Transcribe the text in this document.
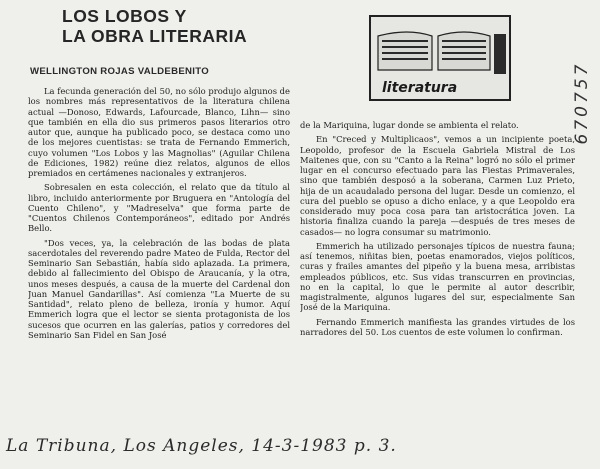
LOS LOBOS Y
LA OBRA LITERARIA
WELLINGTON ROJAS VALDEBENITO
literatura	670757

La fecunda generación del 50, no sólo produjo algunos de los nombres más representativos de la literatura chilena actual —Donoso, Edwards, Lafourcade, Blanco, Lihn— sino que también en ella dio sus primeros pasos literarios otro autor que, aunque ha publicado poco, se destaca como uno de los mejores cuentistas: se trata de Fernando Emmerich, cuyo volumen "Los Lobos y las Magnolias" (Aguilar Chilena de Ediciones, 1982) reúne diez relatos, algunos de ellos premiados en certámenes nacionales y extranjeros.

Sobresalen en esta colección, el relato que da título al libro, incluido anteriormente por Bruguera en "Antología del Cuento Chileno", y "Madreselva" que forma parte de "Cuentos Chilenos Contemporáneos", editado por Andrés Bello.

"Dos veces, ya, la celebración de las bodas de plata sacerdotales del reverendo padre Mateo de Fulda, Rector del Seminario San Sebastián, había sido aplazada. La primera, debido al fallecimiento del Obispo de Araucanía, y la otra, unos meses después, a causa de la muerte del Cardenal don Juan Manuel Gandarillas". Así comienza "La Muerte de su Santidad", relato pleno de belleza, ironía y humor. Aquí Emmerich logra que el lector se sienta protagonista de los sucesos que ocurren en las galerías, patios y corredores del Seminario San Fidel en San José

de la Mariquina, lugar donde se ambienta el relato.

En "Creced y Multiplicaos", vemos a un incipiente poeta, Leopoldo, profesor de la Escuela Gabriela Mistral de Los Maitenes que, con su "Canto a la Reina" logró no sólo el primer lugar en el concurso efectuado para las Fiestas Primaverales, sino que también desposó a la soberana, Carmen Luz Prieto, hija de un acaudalado persona del lugar. Desde un comienzo, el cura del pueblo se opuso a dicho enlace, y a que Leopoldo era considerado muy poca cosa para tan aristocrática joven. La historia finaliza cuando la pareja —después de tres meses de casados— no logra consumar su matrimonio.

Emmerich ha utilizado personajes típicos de nuestra fauna; así tenemos, niñitas bien, poetas enamorados, viejos políticos, curas y frailes amantes del pipeño y la buena mesa, arribistas empleados públicos, etc. Sus vidas transcurren en provincias, no en la capital, lo que le permite al autor describir, magistralmente, algunos lugares del sur, especialmente San José de la Mariquina.

Fernando Emmerich manifiesta las grandes virtudes de los narradores del 50. Los cuentos de este volumen lo confirman.

La Tribuna, Los Angeles, 14-3-1983 p. 3.
